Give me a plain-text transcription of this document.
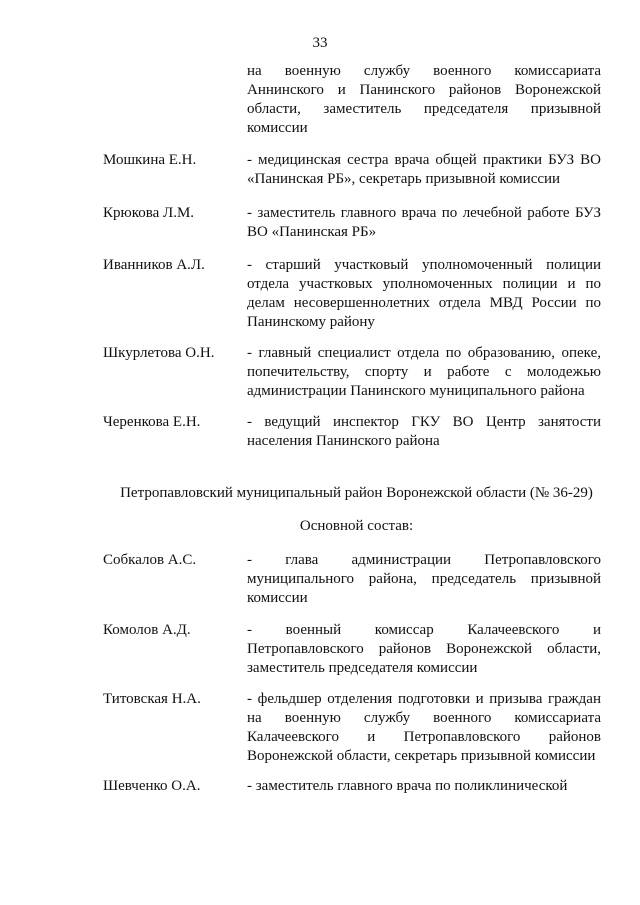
33
на военную службу военного комиссариата Аннинского и Панинского районов Воронежской области, заместитель председателя призывной комиссии
Мошкина Е.Н.	- медицинская сестра врача общей практики БУЗ ВО «Панинская РБ», секретарь призывной комиссии
Крюкова Л.М.	- заместитель главного врача по лечебной работе БУЗ ВО «Панинская РБ»
Иванников А.Л.	- старший участковый уполномоченный полиции отдела участковых уполномоченных полиции и по делам несовершеннолетних отдела МВД России по Панинскому району
Шкурлетова О.Н. - главный специалист отдела по образованию, опеке, попечительству, спорту и работе с молодежью администрации Панинского муниципального района
Черенкова Е.Н.	- ведущий инспектор ГКУ ВО Центр занятости населения Панинского района
Петропавловский муниципальный район Воронежской области (№ 36-29)
Основной состав:
Собкалов А.С.	- глава администрации Петропавловского муниципального района, председатель призывной комиссии
Комолов А.Д.	- военный комиссар Калачеевского и Петропавловского районов Воронежской области, заместитель председателя комиссии
Титовская Н.А.	- фельдшер отделения подготовки и призыва граждан на военную службу военного комиссариата Калачеевского и Петропавловского районов Воронежской области, секретарь призывной комиссии
Шевченко О.А.	- заместитель главного врача по поликлинической
